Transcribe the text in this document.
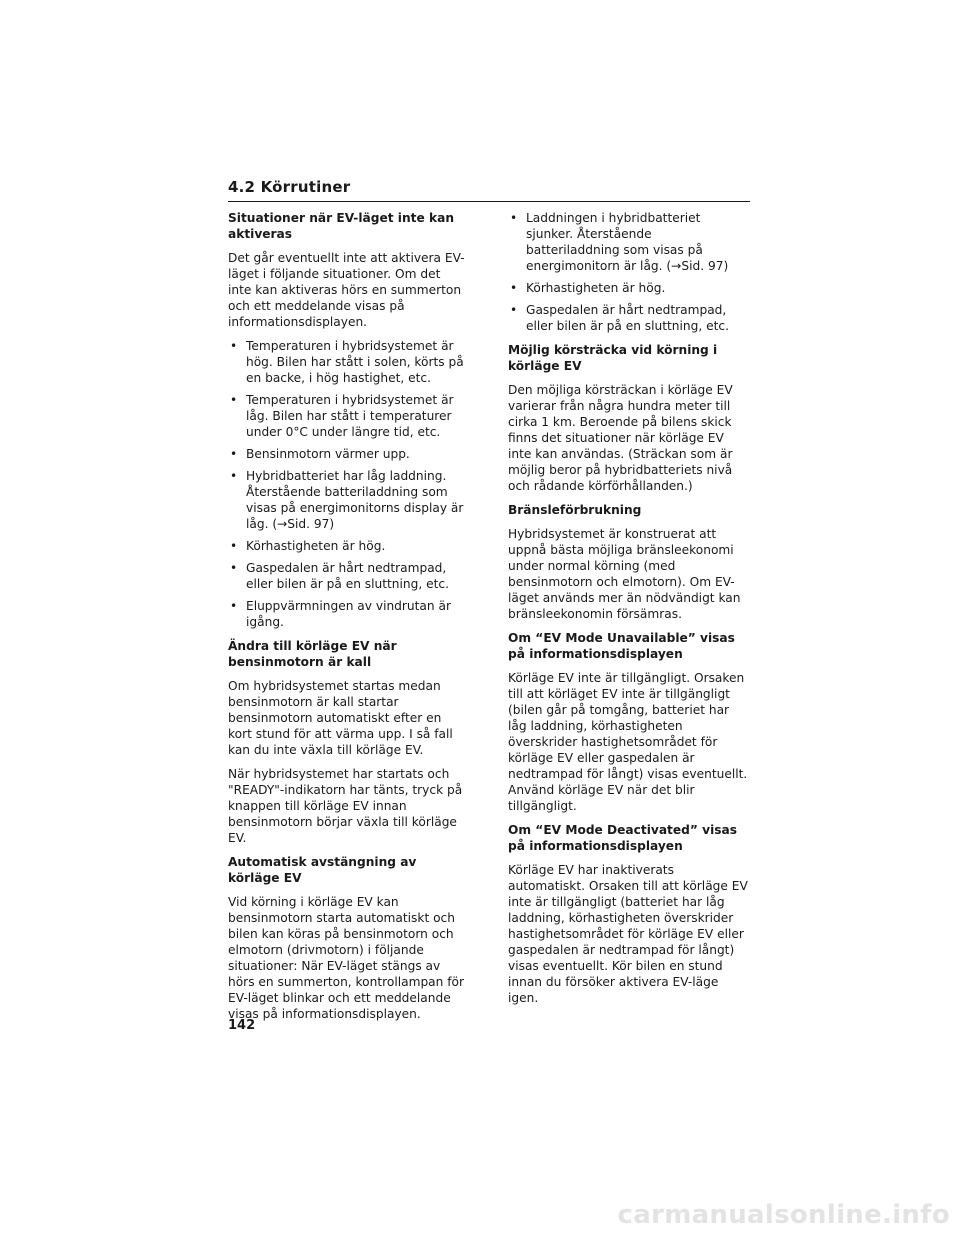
4.2 Körrutiner
Situationer när EV-läget inte kan aktiveras

Det går eventuellt inte att aktivera EV-läget i följande situationer. Om det inte kan aktiveras hörs en summerton och ett meddelande visas på informationsdisplayen.

• Temperaturen i hybridsystemet är hög. Bilen har stått i solen, körts på en backe, i hög hastighet, etc.
• Temperaturen i hybridsystemet är låg. Bilen har stått i temperaturer under 0°C under längre tid, etc.
• Bensinmotorn värmer upp.
• Hybridbatteriet har låg laddning. Återstående batteriladdning som visas på energimonitorns display är låg. (→Sid. 97)
• Körhastigheten är hög.
• Gaspedalen är hårt nedtrampad, eller bilen är på en sluttning, etc.
• Eluppvärmningen av vindrutan är igång.
Ändra till körläge EV när bensinmotorn är kall

Om hybridsystemet startas medan bensinmotorn är kall startar bensinmotorn automatiskt efter en kort stund för att värma upp. I så fall kan du inte växla till körläge EV.

När hybridsystemet har startats och "READY"-indikatorn har tänts, tryck på knappen till körläge EV innan bensinmotorn börjar växla till körläge EV.

Automatisk avstängning av körläge EV

Vid körning i körläge EV kan bensinmotorn starta automatiskt och bilen kan köras på bensinmotorn och elmotorn (drivmotorn) i följande situationer: När EV-läget stängs av hörs en summerton, kontrollampan för EV-läget blinkar och ett meddelande visas på informationsdisplayen.

• Laddningen i hybridbatteriet sjunker. Återstående batteriladdning som visas på energimonitorn är låg. (→Sid. 97)
• Körhastigheten är hög.
• Gaspedalen är hårt nedtrampad, eller bilen är på en sluttning, etc.
Möjlig körsträcka vid körning i körläge EV

Den möjliga körsträckan i körläge EV varierar från några hundra meter till cirka 1 km. Beroende på bilens skick finns det situationer när körläge EV inte kan användas. (Sträckan som är möjlig beror på hybridbatteriets nivå och rådande körförhållanden.)

Bränsleförbrukning

Hybridsystemet är konstruerat att uppnå bästa möjliga bränsleekonomi under normal körning (med bensinmotorn och elmotorn). Om EV-läget används mer än nödvändigt kan bränsleekonomin försämras.

Om “EV Mode Unavailable” visas på informationsdisplayen

Körläge EV inte är tillgängligt. Orsaken till att körläget EV inte är tillgängligt (bilen går på tomgång, batteriet har låg laddning, körhastigheten överskrider hastighetsområdet för körläge EV eller gaspedalen är nedtrampad för långt) visas eventuellt. Använd körläge EV när det blir tillgängligt.

Om “EV Mode Deactivated” visas på informationsdisplayen

Körläge EV har inaktiverats automatiskt. Orsaken till att körläge EV inte är tillgängligt (batteriet har låg laddning, körhastigheten överskrider hastighetsområdet för körläge EV eller gaspedalen är nedtrampad för långt) visas eventuellt. Kör bilen en stund innan du försöker aktivera EV-läge igen.

142
carmanualsonline.info
